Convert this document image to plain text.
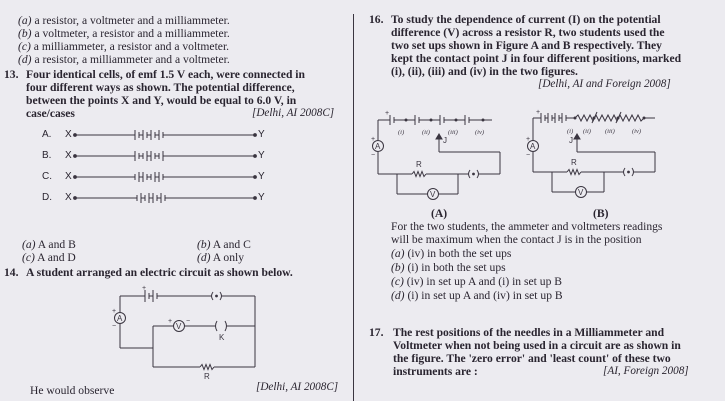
(a) a resistor, a voltmeter and a milliammeter.
(b) a voltmeter, a resistor and a milliammeter.
(c) a milliammeter, a resistor and a voltmeter.
(d) a resistor, a milliammeter and a voltmeter.
13. Four identical cells, of emf 1.5 V each, were connected in
four different ways as shown. The potential difference,
between the points X and Y, would be equal to 6.0 V, in
case/cases	[Delhi, AI 2008C]
A. X	Y
B. X	Y
C. X	Y
D. X	Y
(a) A and B	(b) A and C
(c) A and D	(d) A only
14. A student arranged an electric circuit as shown below.
A
V
K
R
+
−
+
+ −
He would observe	[Delhi, AI 2008C]
16. To study the dependence of current (I) on the potential
difference (V) across a resistor R, two students used the
two set ups shown in Figure A and B respectively. They
kept the contact point J in four different positions, marked
(i), (ii), (iii) and (iv) in the two figures.
[Delhi, AI and Foreign 2008]
A
V
R
J
(i)	(ii)	(iii)	(iv)
+
−
+
(A)
A
V
R
J
(i) (ii) (iii)	(iv)
+
−
+
(B)
For the two students, the ammeter and voltmeters readings
will be maximum when the contact J is in the position
(a) (iv) in both the set ups
(b) (i) in both the set ups
(c) (iv) in set up A and (i) in set up B
(d) (i) in set up A and (iv) in set up B
17. The rest positions of the needles in a Milliammeter and
Voltmeter when not being used in a circuit are as shown in
the figure. The 'zero error' and 'least count' of these two
instruments are :	[AI, Foreign 2008]
